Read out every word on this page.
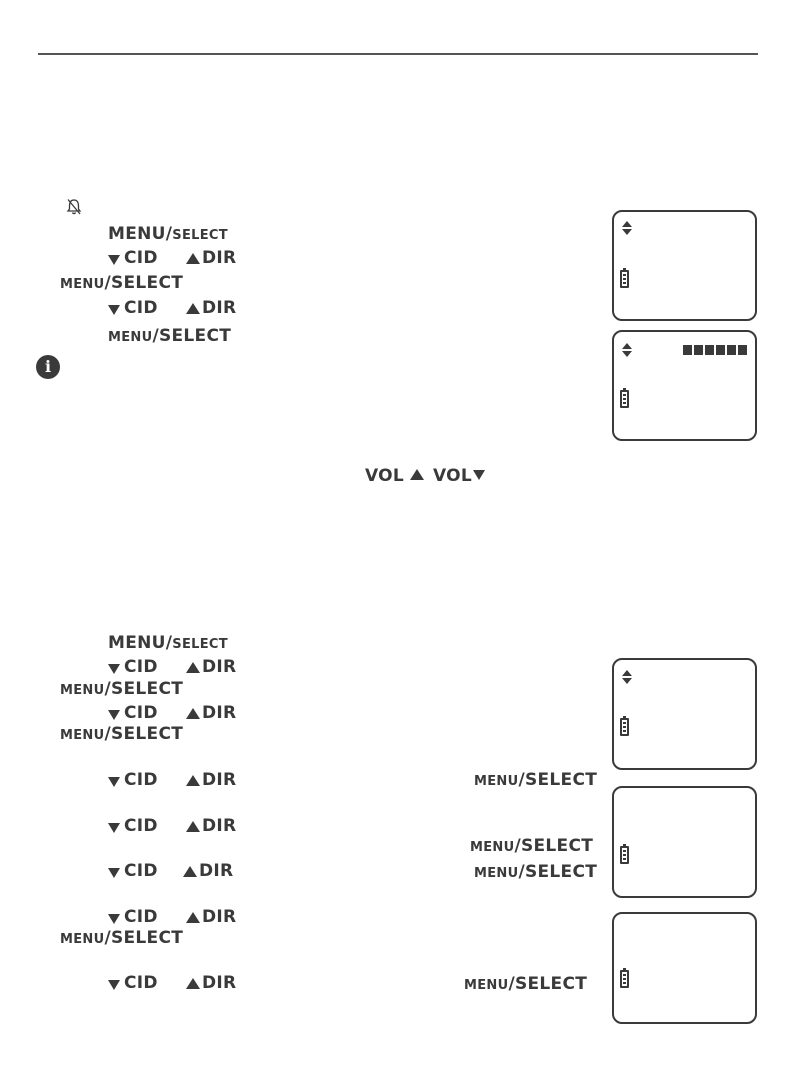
MENU/SELECT
CID	DIR
MENU/SELECT
CID	DIR
MENU/SELECT
i
VOL VOL
MENU/SELECT
CID	DIR
MENU/SELECT
CID	DIR
MENU/SELECT
CID	DIR	MENU/SELECT
CID	DIR
MENU/SELECT
CID DIR	MENU/SELECT
CID	DIR
MENU/SELECT
CID	DIR	MENU/SELECT
